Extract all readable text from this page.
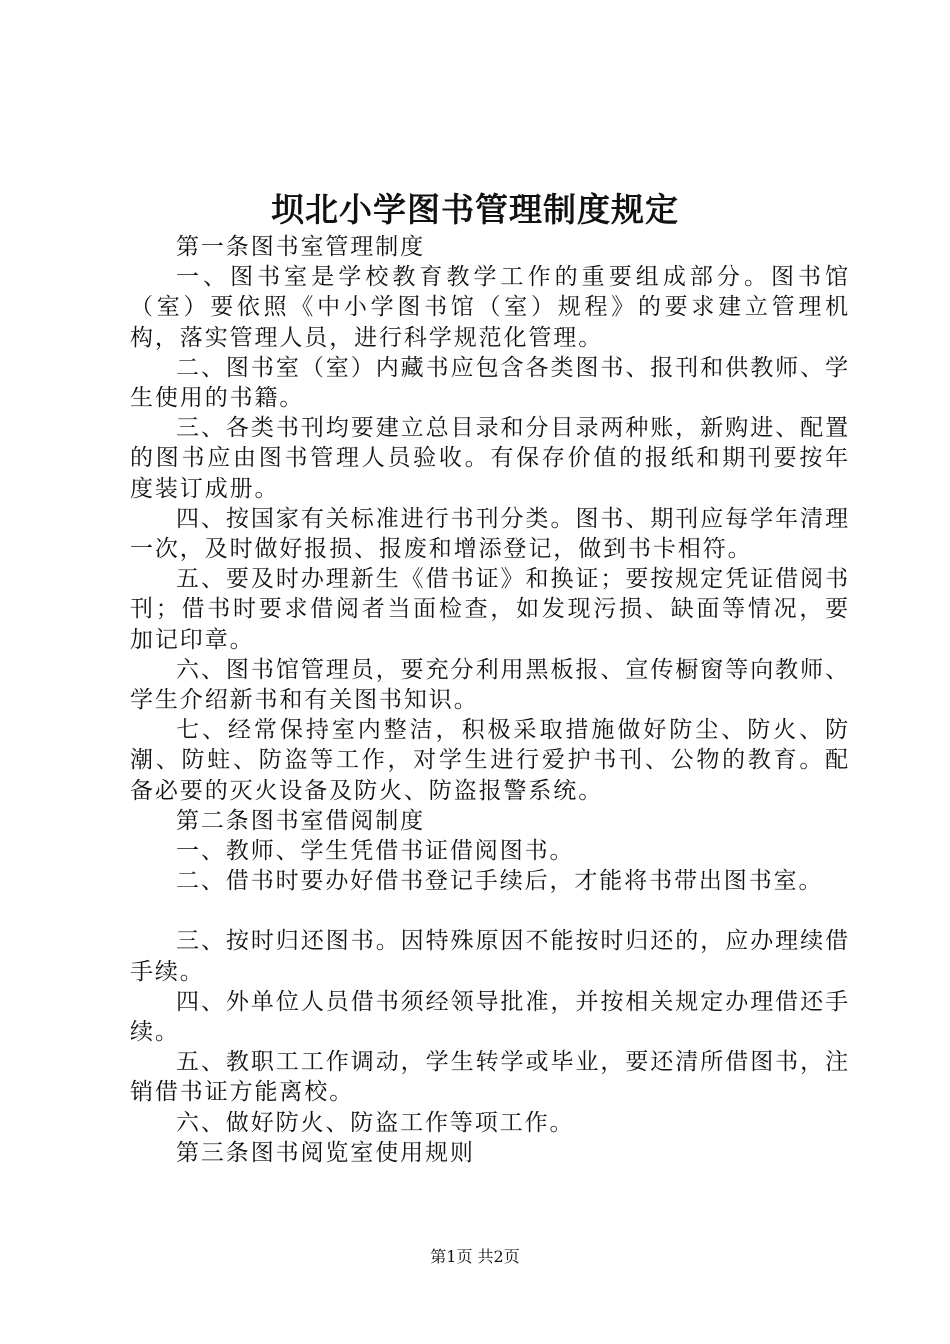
坝北小学图书管理制度规定

第一条图书室管理制度

一、图书室是学校教育教学工作的重要组成部分。图书馆（室）要依照《中小学图书馆（室）规程》的要求建立管理机构，落实管理人员，进行科学规范化管理。

二、图书室（室）内藏书应包含各类图书、报刊和供教师、学生使用的书籍。

三、各类书刊均要建立总目录和分目录两种账，新购进、配置的图书应由图书管理人员验收。有保存价值的报纸和期刊要按年度装订成册。

四、按国家有关标准进行书刊分类。图书、期刊应每学年清理一次，及时做好报损、报废和增添登记，做到书卡相符。

五、要及时办理新生《借书证》和换证；要按规定凭证借阅书刊；借书时要求借阅者当面检查，如发现污损、缺面等情况，要加记印章。

六、图书馆管理员，要充分利用黑板报、宣传橱窗等向教师、学生介绍新书和有关图书知识。

七、经常保持室内整洁，积极采取措施做好防尘、防火、防潮、防蛀、防盗等工作，对学生进行爱护书刊、公物的教育。配备必要的灭火设备及防火、防盗报警系统。

第二条图书室借阅制度

一、教师、学生凭借书证借阅图书。

二、借书时要办好借书登记手续后，才能将书带出图书室。

三、按时归还图书。因特殊原因不能按时归还的，应办理续借手续。

四、外单位人员借书须经领导批准，并按相关规定办理借还手续。

五、教职工工作调动，学生转学或毕业，要还清所借图书，注销借书证方能离校。

六、做好防火、防盗工作等项工作。

第三条图书阅览室使用规则

第1页 共2页
